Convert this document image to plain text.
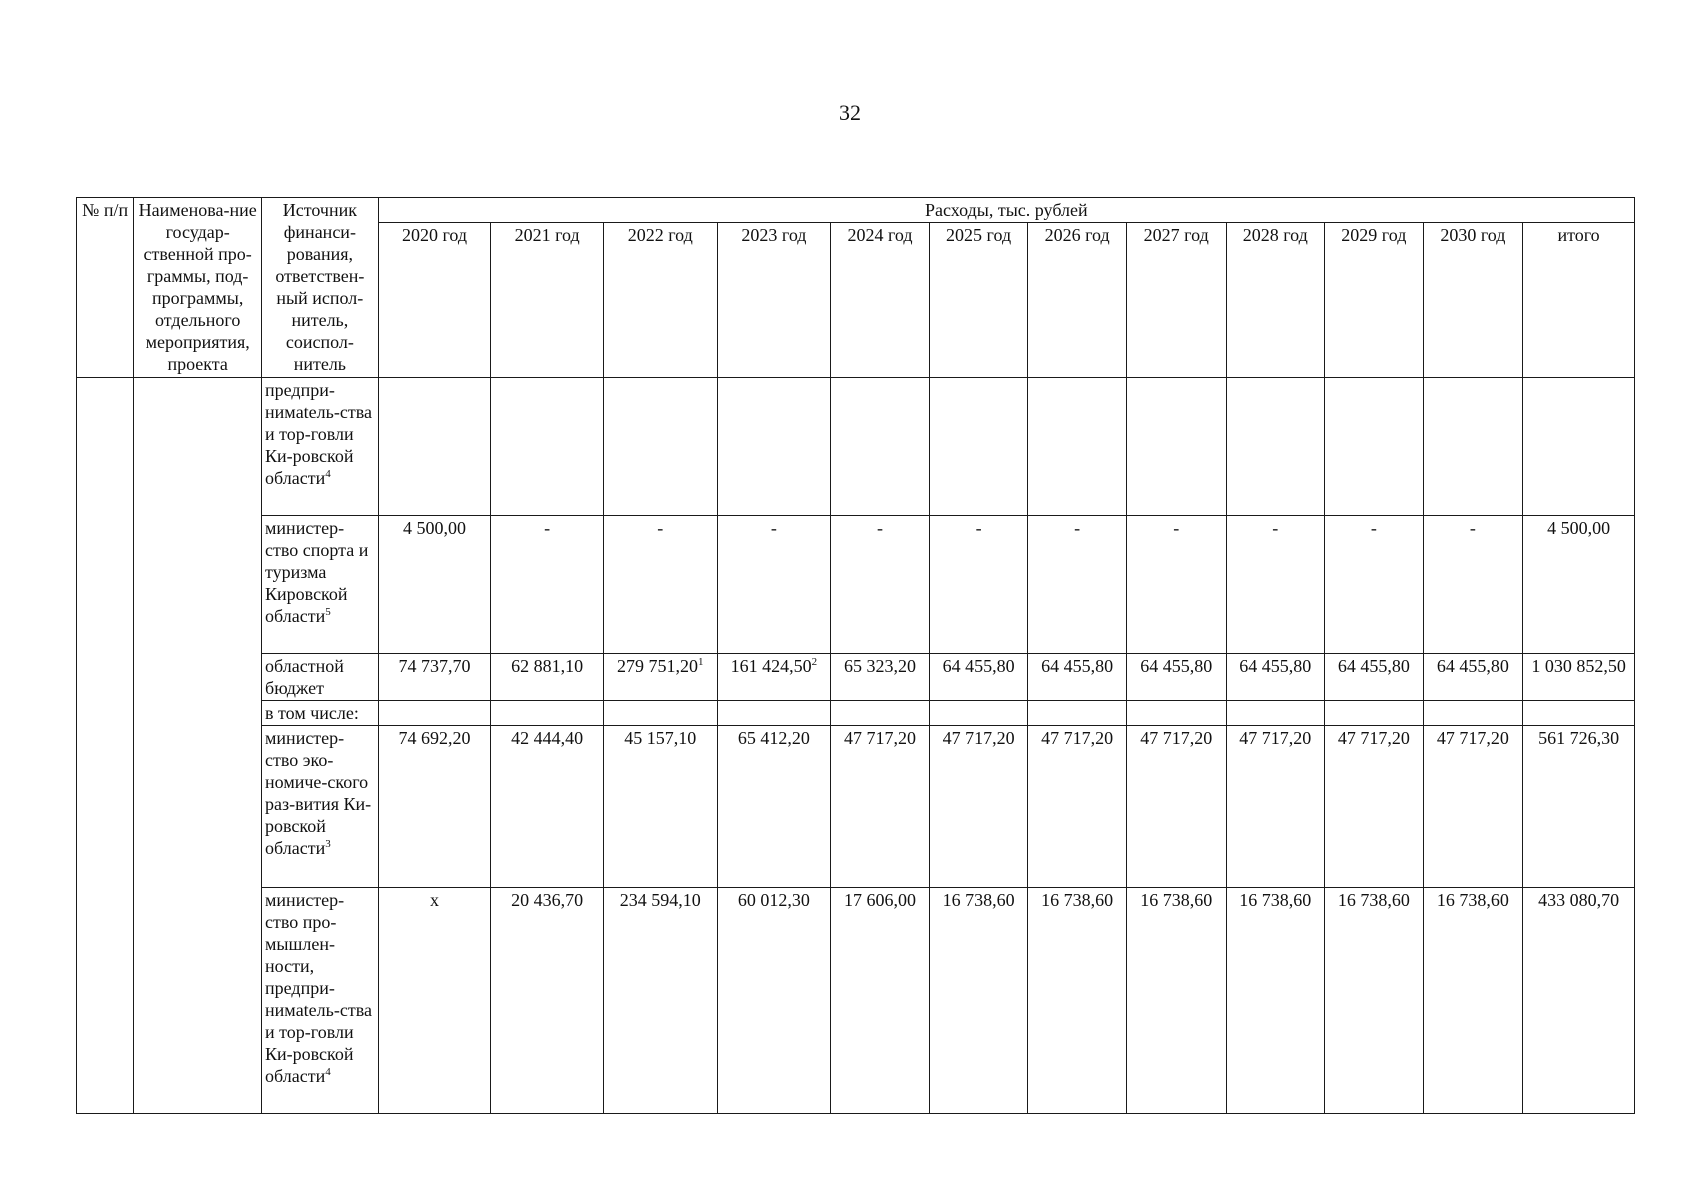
32
№ п/п	Наименова-ние государ-ственной про-граммы, под-программы, отдельного мероприятия, проекта	Источник финанси-рования, ответствен-ный испол-нитель, соиспол-нитель	Расходы, тыс. рублей											
			2020 год	2021 год	2022 год	2023 год	2024 год	2025 год	2026 год	2027 год	2028 год	2029 год	2030 год	итого
		предпри-нимatель-ства и тор-говли Ки-ровской области$^4$												
		министер-ство спорта и туризма Кировской области$^5$	4 500,00	-	-	-	-	-	-	-	-	-	-	4 500,00
		областной бюджет	74 737,70	62 881,10	279 751,20$^1$	161 424,50$^2$	65 323,20	64 455,80	64 455,80	64 455,80	64 455,80	64 455,80	64 455,80	1 030 852,50
		в том числе:												
		министер-ство эко-номиче-ского раз-вития Ки-ровской области$^3$	74 692,20	42 444,40	45 157,10	65 412,20	47 717,20	47 717,20	47 717,20	47 717,20	47 717,20	47 717,20	47 717,20	561 726,30
		министер-ство про-мышлен-ности, предпри-нимatель-ства и тор-говли Ки-ровской области$^4$	x	20 436,70	234 594,10	60 012,30	17 606,00	16 738,60	16 738,60	16 738,60	16 738,60	16 738,60	16 738,60	433 080,70
